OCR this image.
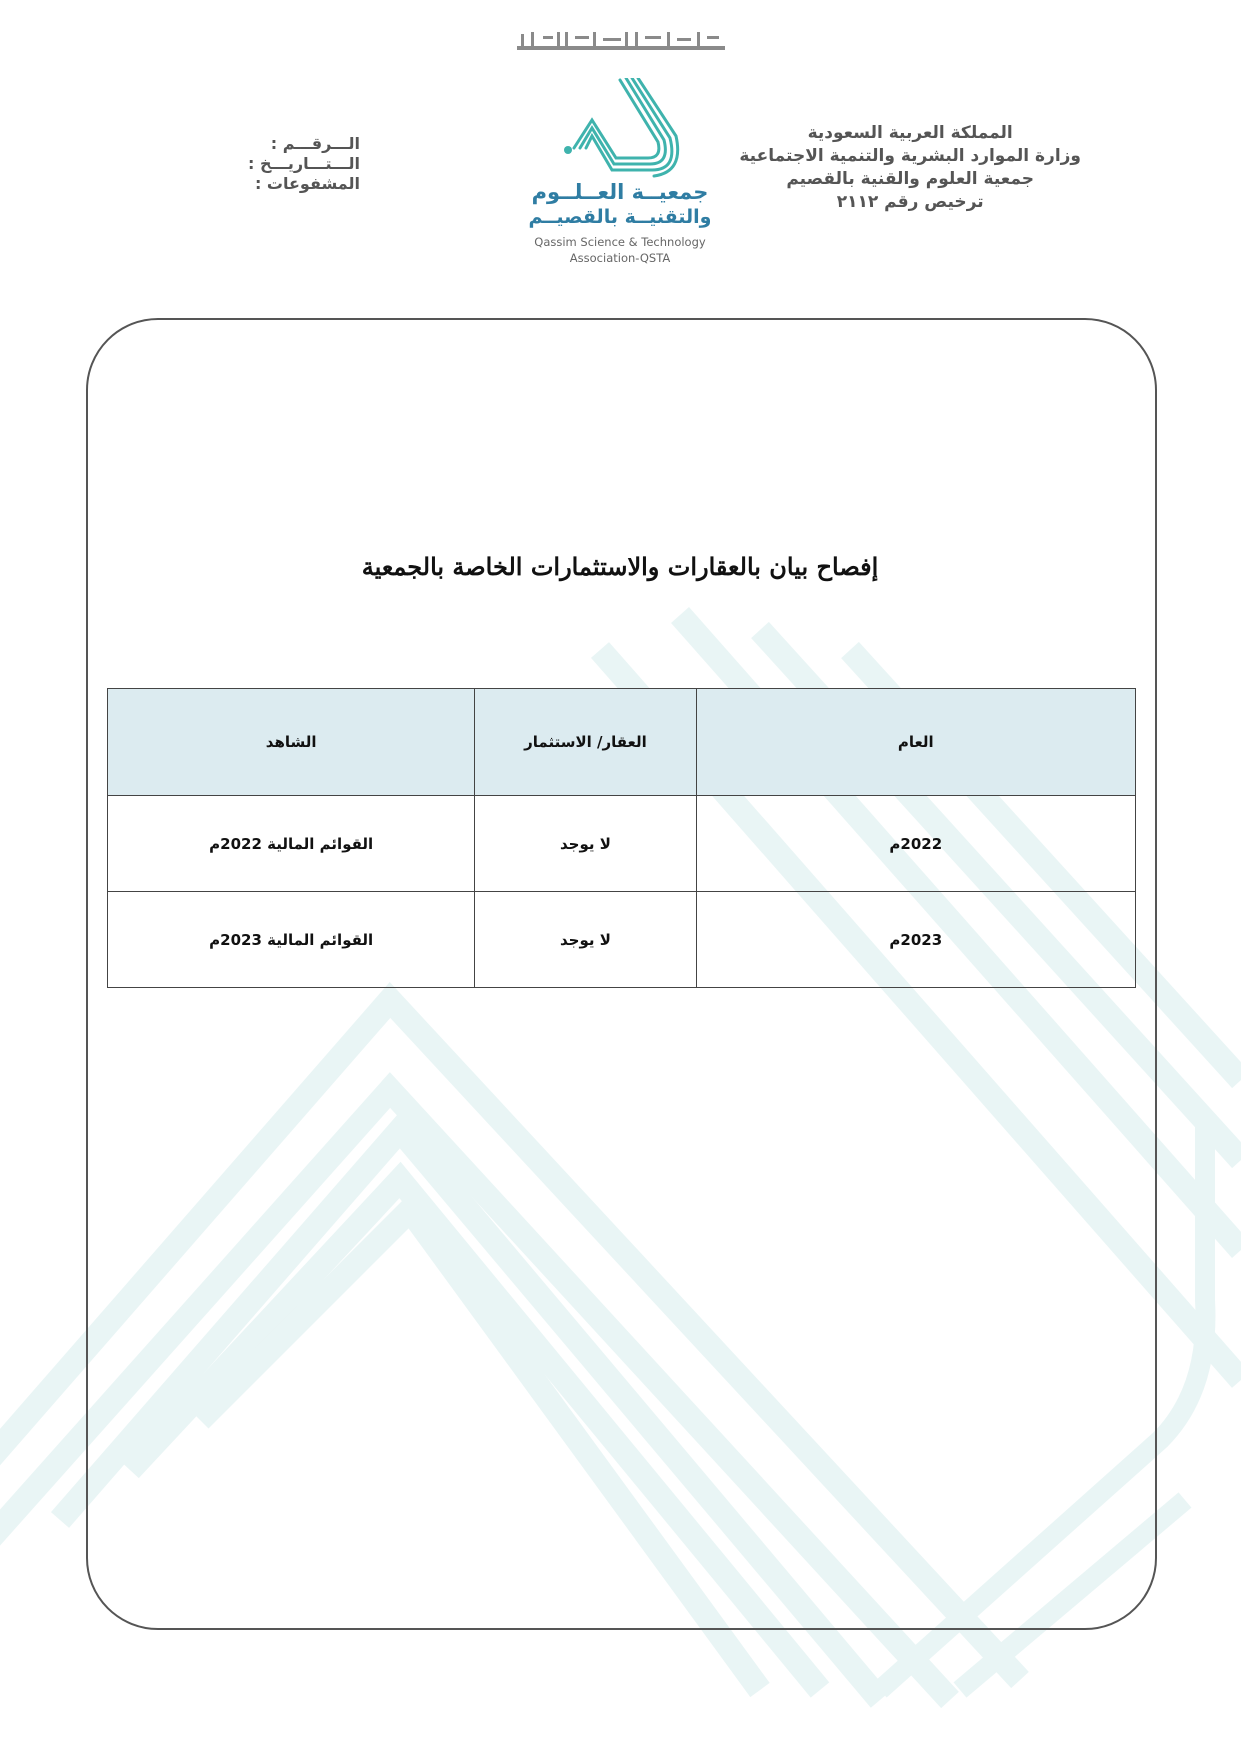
المملكة العربية السعودية
وزارة الموارد البشرية والتنمية الاجتماعية
جمعية العلوم والقنية بالقصيم
ترخيص رقم ٢١١٢
الـــرقـــم :
الـــتـــاريـــخ :
المشفوعات :	جمعيــة العــلــوم
والتقنيــة بالقصيــم
Qassim Science & Technology
Association-QSTA
إفصاح بيان بالعقارات والاستثمارات الخاصة بالجمعية
العام	العقار/ الاستثمار	الشاهد
2022م	لا يوجد	القوائم المالية 2022م
2023م	لا يوجد	القوائم المالية 2023م
